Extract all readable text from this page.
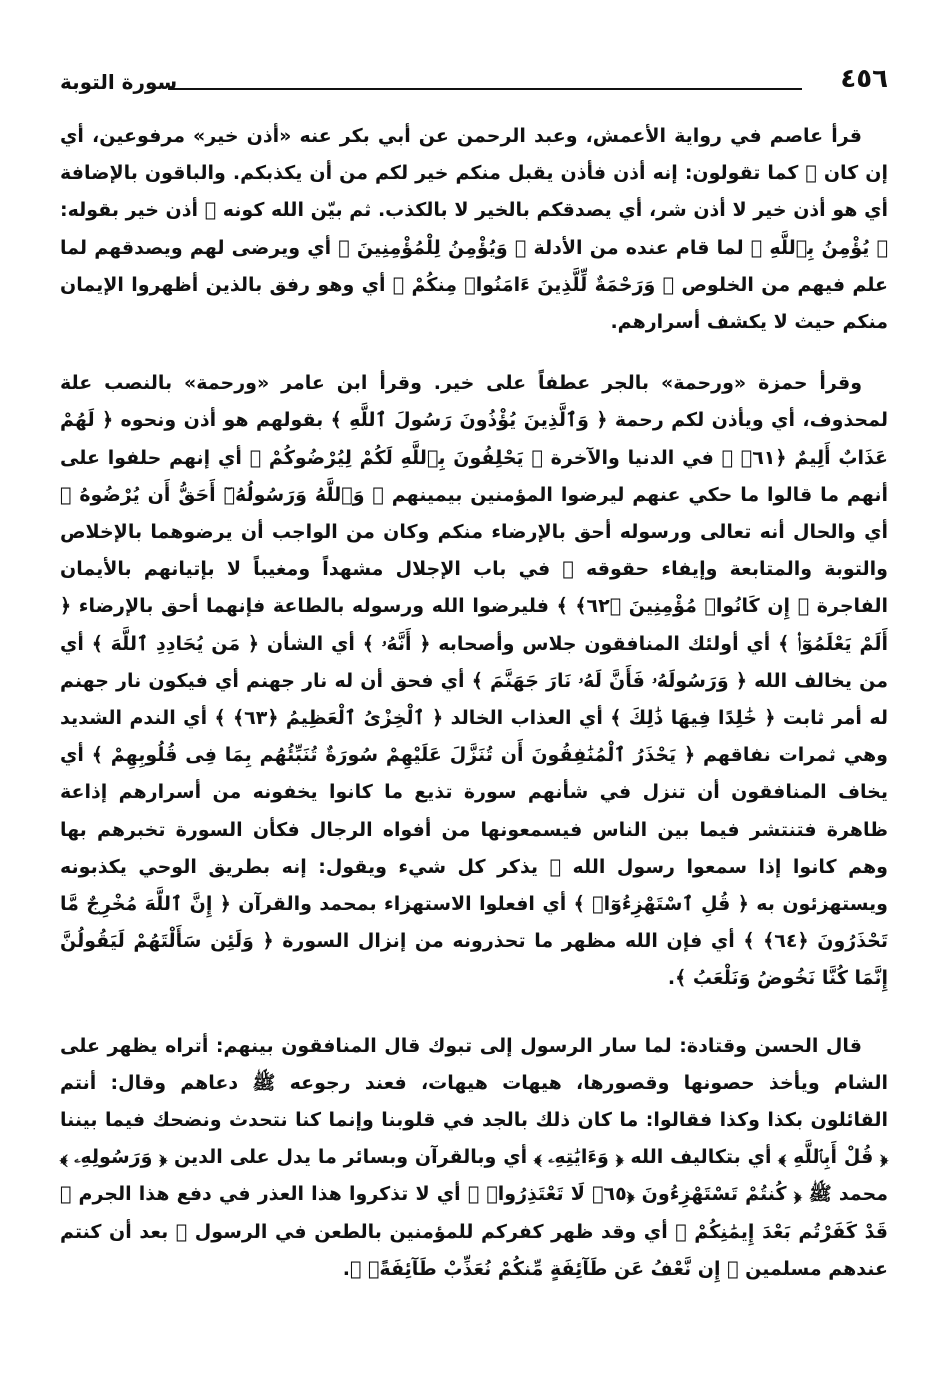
سورة التوبة	٤٥٦

قرأ عاصم في رواية الأعمش، وعبد الرحمن عن أبي بكر عنه «أذن خير» مرفوعين، أي إن كان ﷺ كما تقولون: إنه أذن فأذن يقبل منكم خير لكم من أن يكذبكم. والباقون بالإضافة أي هو أذن خير لا أذن شر، أي يصدقكم بالخير لا بالكذب. ثم بيّن الله كونه ﷺ أذن خير بقوله: ﴿ يُؤْمِنُ بِٱللَّهِ ﴾ لما قام عنده من الأدلة ﴿ وَيُؤْمِنُ لِلْمُؤْمِنِينَ ﴾ أي ويرضى لهم ويصدقهم لما علم فيهم من الخلوص ﴿ وَرَحْمَةٌ لِّلَّذِينَ ءَامَنُوا۟ مِنكُمْ ﴾ أي وهو رفق بالذين أظهروا الإيمان منكم حيث لا يكشف أسرارهم.

وقرأ حمزة «ورحمة» بالجر عطفاً على خير. وقرأ ابن عامر «ورحمة» بالنصب علة لمحذوف، أي ويأذن لكم رحمة ﴿ وَٱلَّذِينَ يُؤْذُونَ رَسُولَ ٱللَّهِ ﴾ بقولهم هو أذن ونحوه ﴿ لَهُمْ عَذَابٌ أَلِيمٌ ﴿٦١﴾ ﴾ في الدنيا والآخرة ﴿ يَحْلِفُونَ بِٱللَّهِ لَكُمْ لِيُرْضُوكُمْ ﴾ أي إنهم حلفوا على أنهم ما قالوا ما حكي عنهم ليرضوا المؤمنين بيمينهم ﴿ وَٱللَّهُ وَرَسُولُهُۥٓ أَحَقُّ أَن يُرْضُوهُ ﴾ أي والحال أنه تعالى ورسوله أحق بالإرضاء منكم وكان من الواجب أن يرضوهما بالإخلاص والتوبة والمتابعة وإيفاء حقوقه ﷺ في باب الإجلال مشهداً ومغيباً لا بإتيانهم بالأيمان الفاجرة ﴿ إِن كَانُوا۟ مُؤْمِنِينَ ﴿٦٢﴾ ﴾ فليرضوا الله ورسوله بالطاعة فإنهما أحق بالإرضاء ﴿ أَلَمْ يَعْلَمُوٓا۟ ﴾ أي أولئك المنافقون جلاس وأصحابه ﴿ أَنَّهُۥ ﴾ أي الشأن ﴿ مَن يُحَادِدِ ٱللَّهَ ﴾ أي من يخالف الله ﴿ وَرَسُولَهُۥ فَأَنَّ لَهُۥ نَارَ جَهَنَّمَ ﴾ أي فحق أن له نار جهنم أي فيكون نار جهنم له أمر ثابت ﴿ خَٰلِدًا فِيهَا ذَٰلِكَ ﴾ أي العذاب الخالد ﴿ ٱلْخِزْىُ ٱلْعَظِيمُ ﴿٦٣﴾ ﴾ أي الندم الشديد وهي ثمرات نفاقهم ﴿ يَحْذَرُ ٱلْمُنَٰفِقُونَ أَن تُنَزَّلَ عَلَيْهِمْ سُورَةٌ تُنَبِّئُهُم بِمَا فِى قُلُوبِهِمْ ﴾ أي يخاف المنافقون أن تنزل في شأنهم سورة تذيع ما كانوا يخفونه من أسرارهم إذاعة ظاهرة فتنتشر فيما بين الناس فيسمعونها من أفواه الرجال فكأن السورة تخبرهم بها وهم كانوا إذا سمعوا رسول الله ﷺ يذكر كل شيء ويقول: إنه بطريق الوحي يكذبونه ويستهزئون به ﴿ قُلِ ٱسْتَهْزِءُوٓا۟ ﴾ أي افعلوا الاستهزاء بمحمد والقرآن ﴿ إِنَّ ٱللَّهَ مُخْرِجٌ مَّا تَحْذَرُونَ ﴿٦٤﴾ ﴾ أي فإن الله مظهر ما تحذرونه من إنزال السورة ﴿ وَلَئِن سَأَلْتَهُمْ لَيَقُولُنَّ إِنَّمَا كُنَّا نَخُوضُ وَنَلْعَبُ ﴾.

قال الحسن وقتادة: لما سار الرسول إلى تبوك قال المنافقون بينهم: أتراه يظهر على الشام ويأخذ حصونها وقصورها، هيهات هيهات، فعند رجوعه ﷺ دعاهم وقال: أنتم القائلون بكذا وكذا فقالوا: ما كان ذلك بالجد في قلوبنا وإنما كنا نتحدث ونضحك فيما بيننا ﴿ قُلْ أَبِٱللَّهِ ﴾ أي بتكاليف الله ﴿ وَءَايَٰتِهِۦ ﴾ أي وبالقرآن وبسائر ما يدل على الدين ﴿ وَرَسُولِهِۦ ﴾ محمد ﷺ ﴿ كُنتُمْ تَسْتَهْزِءُونَ ﴿٦٥﴾ لَا تَعْتَذِرُوا۟ ﴾ أي لا تذكروا هذا العذر في دفع هذا الجرم ﴿ قَدْ كَفَرْتُم بَعْدَ إِيمَٰنِكُمْ ﴾ أي وقد ظهر كفركم للمؤمنين بالطعن في الرسول ﷺ بعد أن كنتم عندهم مسلمين ﴿ إِن نَّعْفُ عَن طَآئِفَةٍ مِّنكُمْ نُعَذِّبْ طَآئِفَةًۢ ﴾.
